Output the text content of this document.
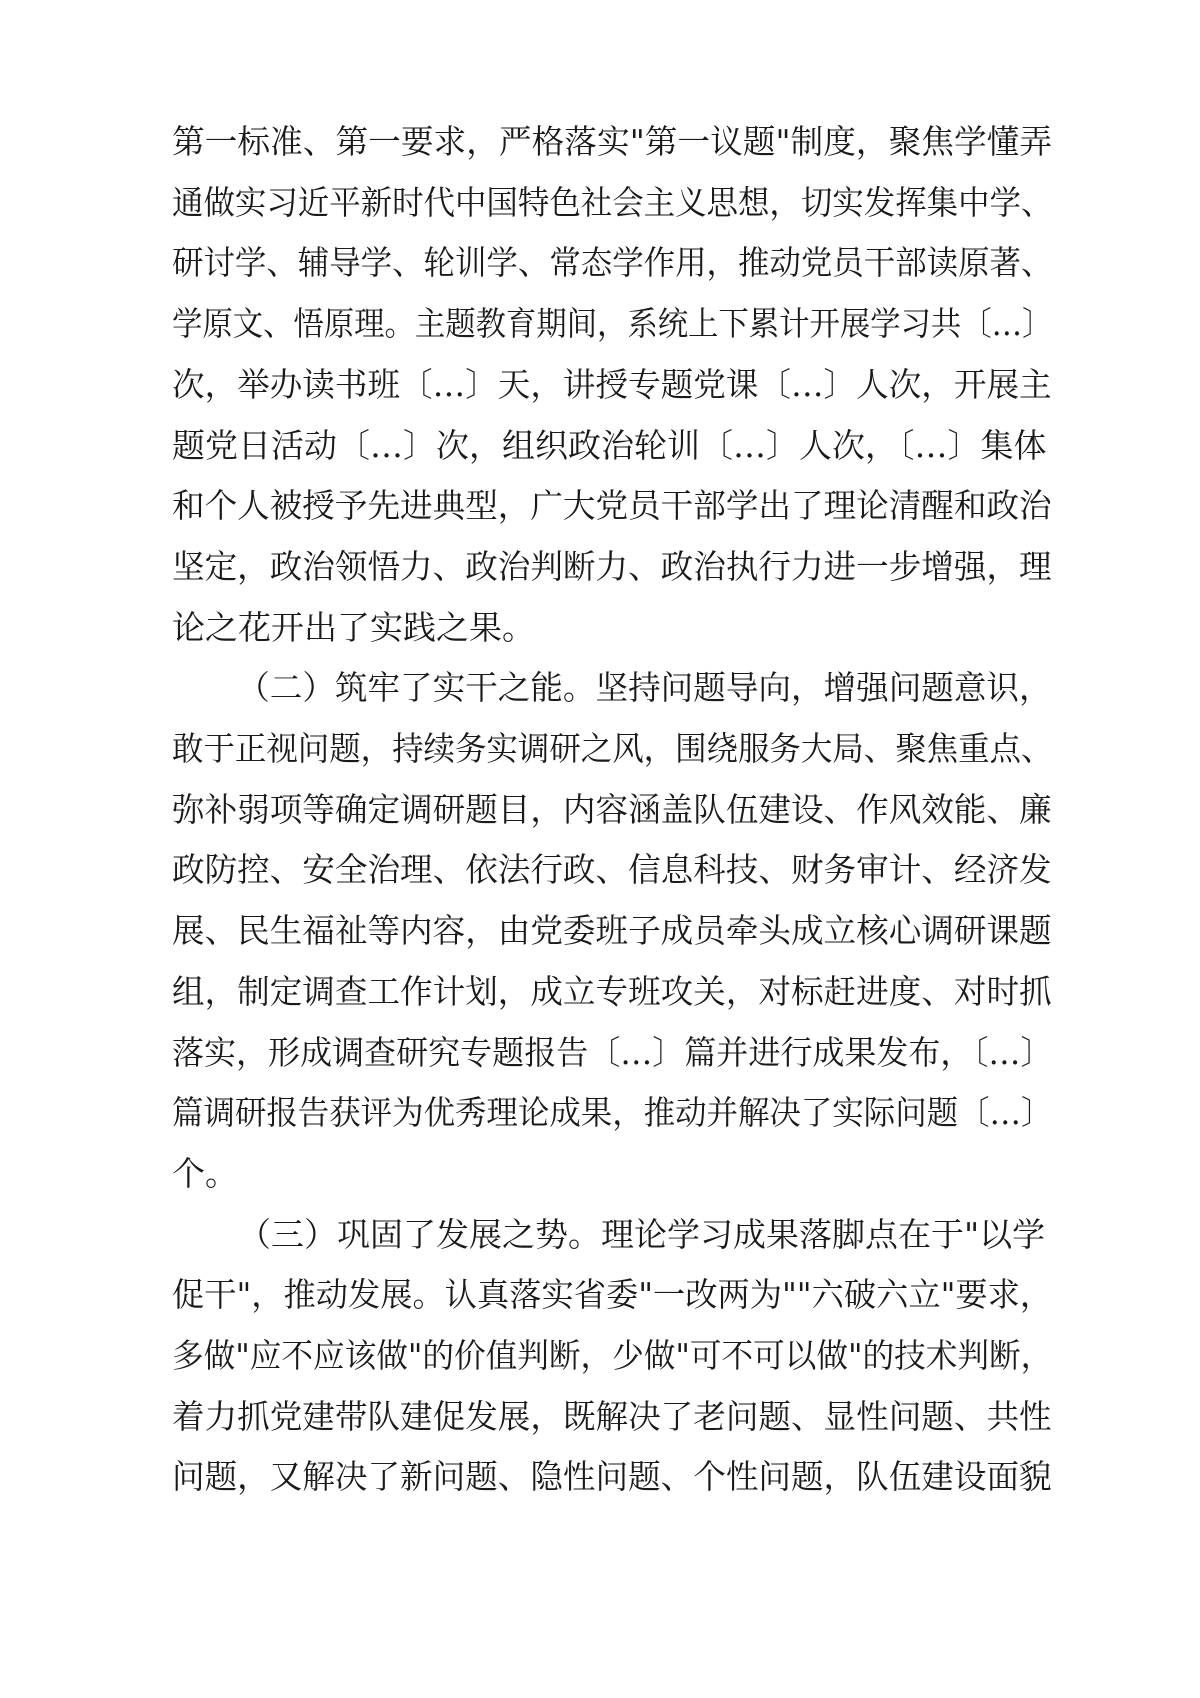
第一标准、第一要求，严格落实"第一议题"制度，聚焦学懂弄
通做实习近平新时代中国特色社会主义思想，切实发挥集中学、
研讨学、辅导学、轮训学、常态学作用，推动党员干部读原著、
学原文、悟原理。主题教育期间，系统上下累计开展学习共〔…〕
次，举办读书班〔…〕天，讲授专题党课〔…〕人次，开展主
题党日活动〔…〕次，组织政治轮训〔…〕人次，〔…〕集体
和个人被授予先进典型，广大党员干部学出了理论清醒和政治
坚定，政治领悟力、政治判断力、政治执行力进一步增强，理
论之花开出了实践之果。
（二）筑牢了实干之能。坚持问题导向，增强问题意识，
敢于正视问题，持续务实调研之风，围绕服务大局、聚焦重点、
弥补弱项等确定调研题目，内容涵盖队伍建设、作风效能、廉
政防控、安全治理、依法行政、信息科技、财务审计、经济发
展、民生福祉等内容，由党委班子成员牵头成立核心调研课题
组，制定调查工作计划，成立专班攻关，对标赶进度、对时抓
落实，形成调查研究专题报告〔…〕篇并进行成果发布，〔…〕
篇调研报告获评为优秀理论成果，推动并解决了实际问题〔…〕
个。
（三）巩固了发展之势。理论学习成果落脚点在于"以学
促干"，推动发展。认真落实省委"一改两为""六破六立"要求，
多做"应不应该做"的价值判断，少做"可不可以做"的技术判断，
着力抓党建带队建促发展，既解决了老问题、显性问题、共性
问题，又解决了新问题、隐性问题、个性问题，队伍建设面貌
